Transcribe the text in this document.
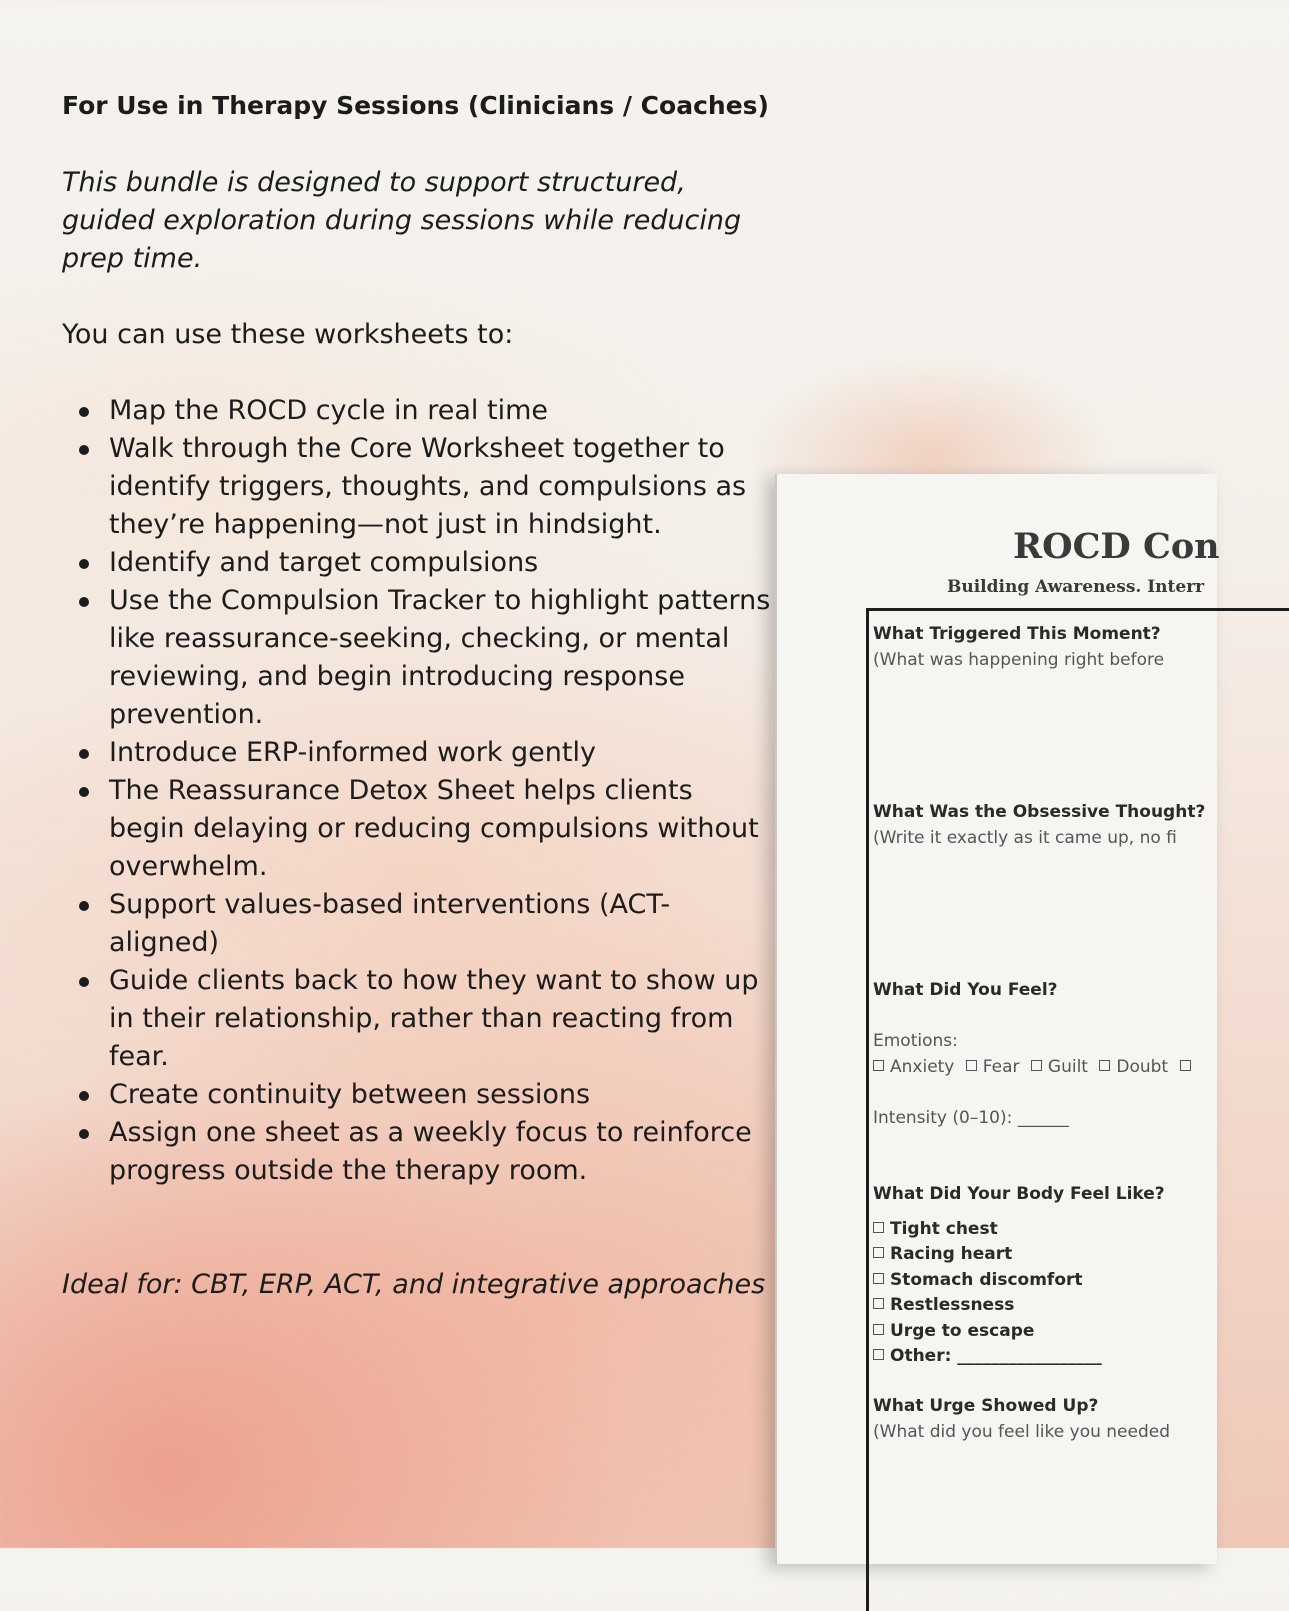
For Use in Therapy Sessions (Clinicians / Coaches)

This bundle is designed to support structured,
guided exploration during sessions while reducing
prep time.

You can use these worksheets to:

Map the ROCD cycle in real time
Walk through the Core Worksheet together to identify triggers, thoughts, and compulsions as they’re happening—not just in hindsight.
Identify and target compulsions
Use the Compulsion Tracker to highlight patterns like reassurance-seeking, checking, or mental reviewing, and begin introducing response prevention.
Introduce ERP-informed work gently
The Reassurance Detox Sheet helps clients begin delaying or reducing compulsions without overwhelm.
Support values-based interventions (ACT-aligned)
Guide clients back to how they want to show up in their relationship, rather than reacting from fear.
Create continuity between sessions
Assign one sheet as a weekly focus to reinforce progress outside the therapy room.

Ideal for: CBT, ERP, ACT, and integrative approaches

ROCD Con
Building Awareness. Interr
What Triggered This Moment?
(What was happening right before
What Was the Obsessive Thought?
(Write it exactly as it came up, no fi
What Did You Feel?
Emotions:
Anxiety Fear Guilt Doubt
Intensity (0–10): ______
What Did Your Body Feel Like?
Tight chest
Racing heart
Stomach discomfort
Restlessness
Urge to escape
Other: _________________
What Urge Showed Up?
(What did you feel like you needed
